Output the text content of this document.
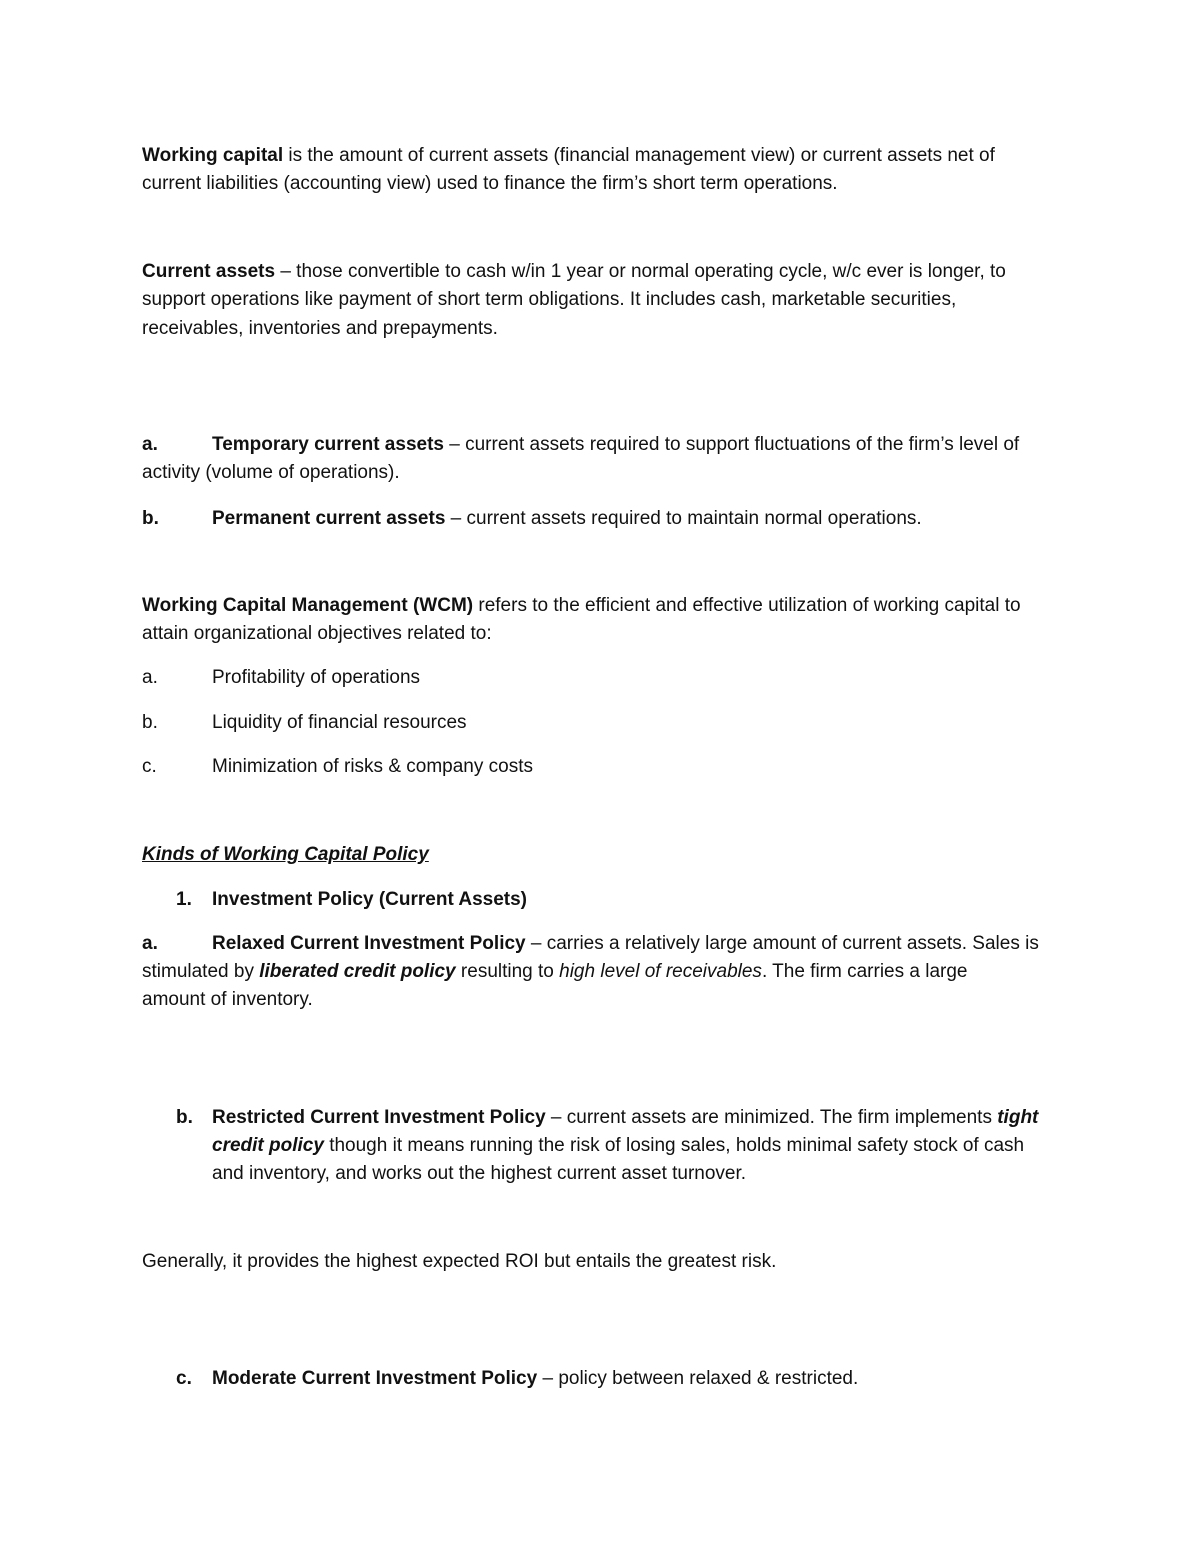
Working capital is the amount of current assets (financial management view) or current assets net of
current liabilities (accounting view) used to finance the firm’s short term operations.
Current assets – those convertible to cash w/in 1 year or normal operating cycle, w/c ever is longer, to
support operations like payment of short term obligations. It includes cash, marketable securities,
receivables, inventories and prepayments.
a.	Temporary current assets – current assets required to support fluctuations of the firm’s level of
activity (volume of operations).
b.	Permanent current assets – current assets required to maintain normal operations.
Working Capital Management (WCM) refers to the efficient and effective utilization of working capital to
attain organizational objectives related to:
a.	Profitability of operations
b.	Liquidity of financial resources
c.	Minimization of risks & company costs
Kinds of Working Capital Policy
1. Investment Policy (Current Assets)
a.	Relaxed Current Investment Policy – carries a relatively large amount of current assets. Sales is
stimulated by liberated credit policy resulting to high level of receivables. The firm carries a large
amount of inventory.
b. Restricted Current Investment Policy – current assets are minimized. The firm implements tight
credit policy though it means running the risk of losing sales, holds minimal safety stock of cash
and inventory, and works out the highest current asset turnover.
Generally, it provides the highest expected ROI but entails the greatest risk.
c. Moderate Current Investment Policy – policy between relaxed & restricted.
